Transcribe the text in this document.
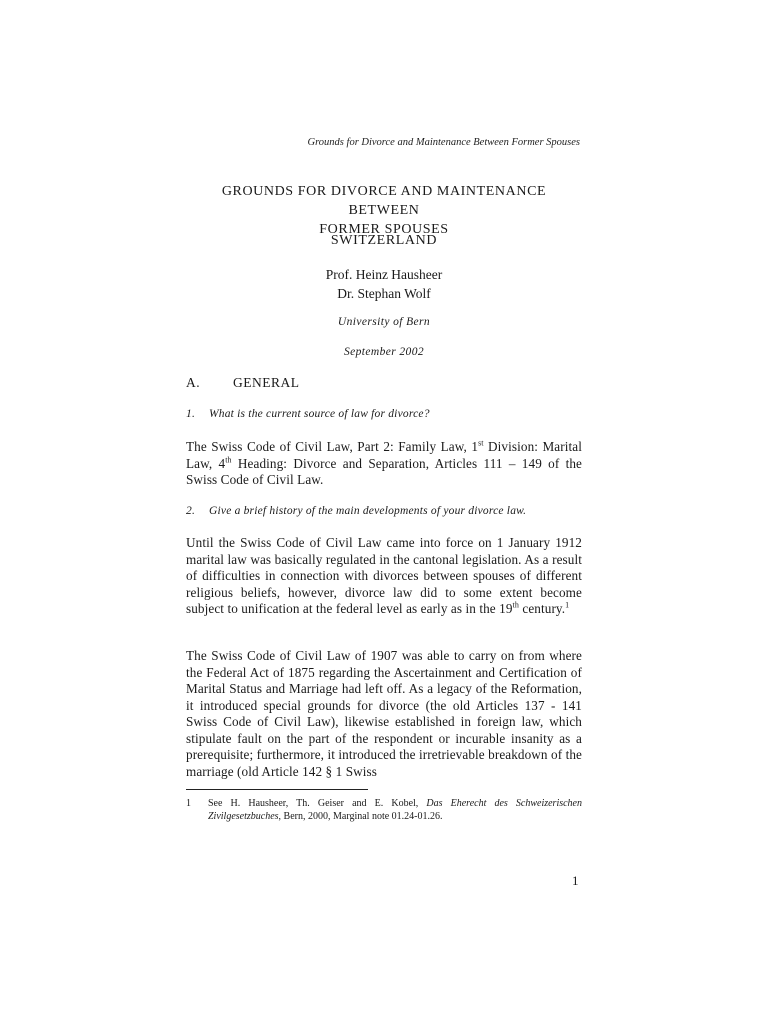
Grounds for Divorce and Maintenance Between Former Spouses
GROUNDS FOR DIVORCE AND MAINTENANCE BETWEEN
FORMER SPOUSES
SWITZERLAND
Prof. Heinz Hausheer
Dr. Stephan Wolf
University of Bern
September 2002
A. GENERAL
1. What is the current source of law for divorce?
The Swiss Code of Civil Law, Part 2: Family Law, 1st Division: Marital Law, 4th Heading: Divorce and Separation, Articles 111 – 149 of the Swiss Code of Civil Law.
2. Give a brief history of the main developments of your divorce law.
Until the Swiss Code of Civil Law came into force on 1 January 1912 marital law was basically regulated in the cantonal legislation. As a result of difficulties in connection with divorces between spouses of different religious beliefs, however, divorce law did to some extent become subject to unification at the federal level as early as in the 19th century.$^1$
The Swiss Code of Civil Law of 1907 was able to carry on from where the Federal Act of 1875 regarding the Ascertainment and Certification of Marital Status and Marriage had left off. As a legacy of the Reformation, it introduced special grounds for divorce (the old Articles 137 - 141 Swiss Code of Civil Law), likewise established in foreign law, which stipulate fault on the part of the respondent or incurable insanity as a prerequisite; furthermore, it introduced the irretrievable breakdown of the marriage (old Article 142 § 1 Swiss
1 See H. Hausheer, Th. Geiser and E. Kobel, Das Eherecht des Schweizerischen Zivilgesetzbuches, Bern, 2000, Marginal note 01.24-01.26.
1
